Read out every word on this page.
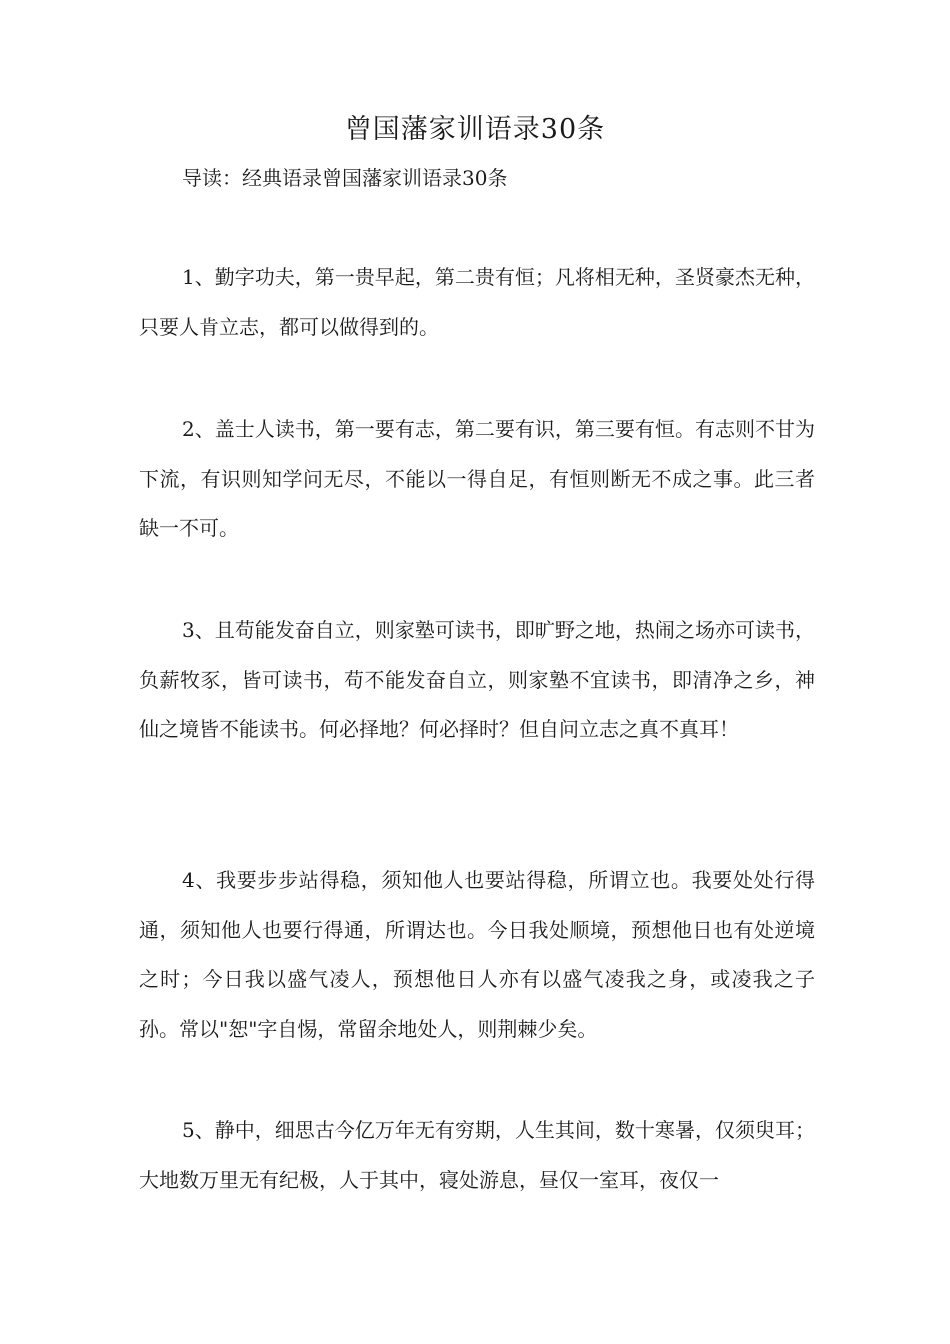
曾国藩家训语录30条
导读：经典语录曾国藩家训语录30条

1、勤字功夫，第一贵早起，第二贵有恒；凡将相无种，圣贤豪杰无种，只要人肯立志，都可以做得到的。

2、盖士人读书，第一要有志，第二要有识，第三要有恒。有志则不甘为下流，有识则知学问无尽，不能以一得自足，有恒则断无不成之事。此三者缺一不可。

3、且苟能发奋自立，则家塾可读书，即旷野之地，热闹之场亦可读书，负薪牧豕，皆可读书，苟不能发奋自立，则家塾不宜读书，即清净之乡，神仙之境皆不能读书。何必择地？何必择时？但自问立志之真不真耳！

4、我要步步站得稳，须知他人也要站得稳，所谓立也。我要处处行得通，须知他人也要行得通，所谓达也。今日我处顺境，预想他日也有处逆境之时；今日我以盛气凌人，预想他日人亦有以盛气凌我之身，或凌我之子孙。常以"恕"字自惕，常留余地处人，则荆棘少矣。

5、静中，细思古今亿万年无有穷期，人生其间，数十寒暑，仅须臾耳；大地数万里无有纪极，人于其中，寝处游息，昼仅一室耳，夜仅一
